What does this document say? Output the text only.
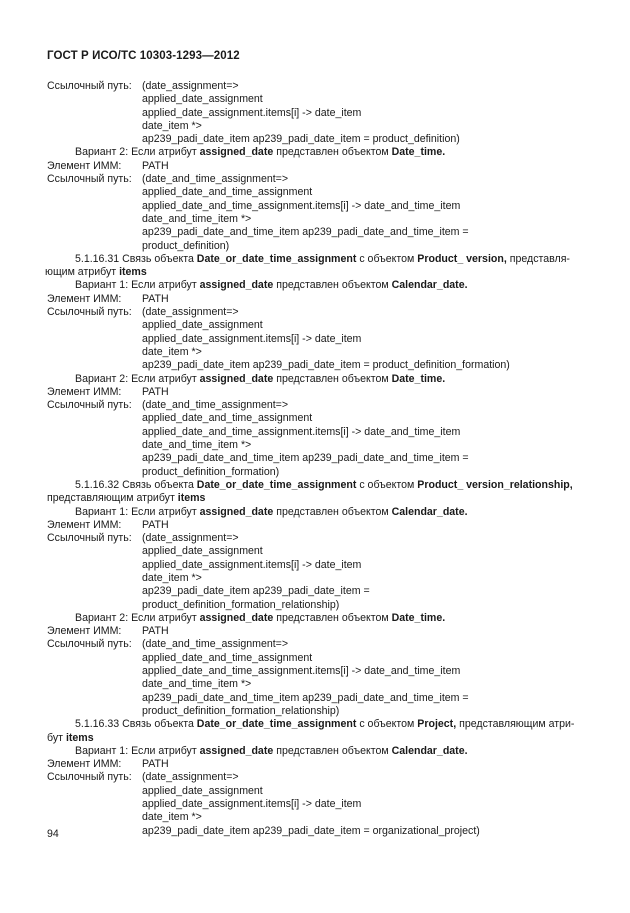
ГОСТ Р ИСО/ТС 10303-1293—2012
Ссылочный путь: (date_assignment=>
applied_date_assignment
applied_date_assignment.items[i] -> date_item
date_item *>
ap239_padi_date_item ap239_padi_date_item = product_definition)
Вариант 2: Если атрибут assigned_date представлен объектом Date_time.
Элемент ИММ:	PATH
Ссылочный путь: (date_and_time_assignment=>
applied_date_and_time_assignment
applied_date_and_time_assignment.items[i] -> date_and_time_item
date_and_time_item *>
ap239_padi_date_and_time_item ap239_padi_date_and_time_item =
product_definition)
5.1.16.31 Связь объекта Date_or_date_time_assignment с объектом Product_ version, представля-
ющим атрибут items
Вариант 1: Если атрибут assigned_date представлен объектом Calendar_date.
Элемент ИММ:	PATH
Ссылочный путь: (date_assignment=>
applied_date_assignment
applied_date_assignment.items[i] -> date_item
date_item *>
ap239_padi_date_item ap239_padi_date_item = product_definition_formation)
Вариант 2: Если атрибут assigned_date представлен объектом Date_time.
Элемент ИММ:	PATH
Ссылочный путь: (date_and_time_assignment=>
applied_date_and_time_assignment
applied_date_and_time_assignment.items[i] -> date_and_time_item
date_and_time_item *>
ap239_padi_date_and_time_item ap239_padi_date_and_time_item =
product_definition_formation)
5.1.16.32 Связь объекта Date_or_date_time_assignment с объектом Product_ version_relationship,
представляющим атрибут items
Вариант 1: Если атрибут assigned_date представлен объектом Calendar_date.
Элемент ИММ:	PATH
Ссылочный путь: (date_assignment=>
applied_date_assignment
applied_date_assignment.items[i] -> date_item
date_item *>
ap239_padi_date_item ap239_padi_date_item =
product_definition_formation_relationship)
Вариант 2: Если атрибут assigned_date представлен объектом Date_time.
Элемент ИММ:	PATH
Ссылочный путь: (date_and_time_assignment=>
applied_date_and_time_assignment
applied_date_and_time_assignment.items[i] -> date_and_time_item
date_and_time_item *>
ap239_padi_date_and_time_item ap239_padi_date_and_time_item =
product_definition_formation_relationship)
5.1.16.33 Связь объекта Date_or_date_time_assignment с объектом Project, представляющим атри-
бут items
Вариант 1: Если атрибут assigned_date представлен объектом Calendar_date.
Элемент ИММ:	PATH
Ссылочный путь: (date_assignment=>
applied_date_assignment
applied_date_assignment.items[i] -> date_item
date_item *>
ap239_padi_date_item ap239_padi_date_item = organizational_project)
94
